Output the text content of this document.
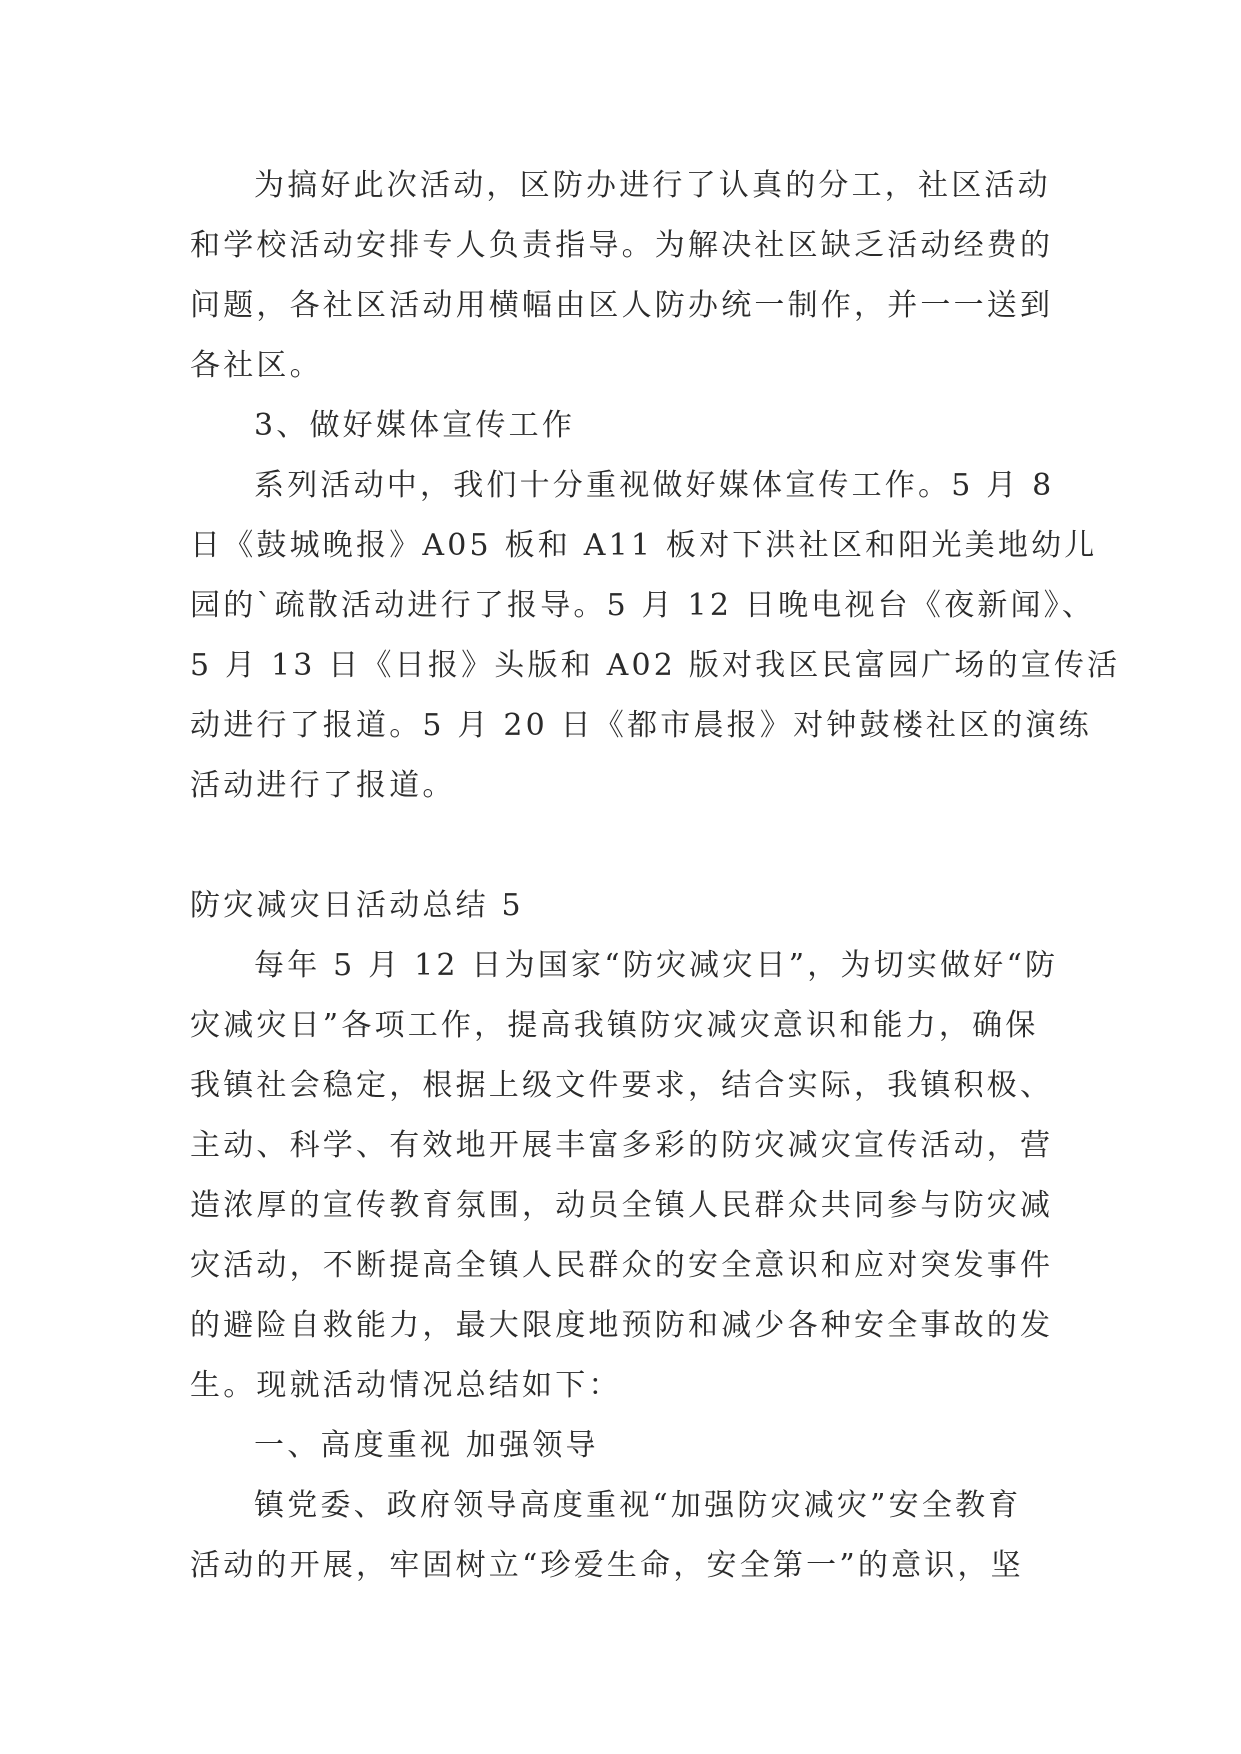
为搞好此次活动，区防办进行了认真的分工，社区活动

和学校活动安排专人负责指导。为解决社区缺乏活动经费的

问题，各社区活动用横幅由区人防办统一制作，并一一送到

各社区。

3、做好媒体宣传工作

系列活动中，我们十分重视做好媒体宣传工作。5 月 8

日《鼓城晚报》A05 板和 A11 板对下洪社区和阳光美地幼儿

园的`疏散活动进行了报导。5 月 12 日晚电视台《夜新闻》、

5 月 13 日《日报》头版和 A02 版对我区民富园广场的宣传活

动进行了报道。5 月 20 日《都市晨报》对钟鼓楼社区的演练

活动进行了报道。

防灾减灾日活动总结 5

每年 5 月 12 日为国家“防灾减灾日”，为切实做好“防

灾减灾日”各项工作，提高我镇防灾减灾意识和能力，确保

我镇社会稳定，根据上级文件要求，结合实际，我镇积极、

主动、科学、有效地开展丰富多彩的防灾减灾宣传活动，营

造浓厚的宣传教育氛围，动员全镇人民群众共同参与防灾减

灾活动，不断提高全镇人民群众的安全意识和应对突发事件

的避险自救能力，最大限度地预防和减少各种安全事故的发

生。现就活动情况总结如下：

一、高度重视 加强领导

镇党委、政府领导高度重视“加强防灾减灾”安全教育

活动的开展，牢固树立“珍爱生命，安全第一”的意识，坚
